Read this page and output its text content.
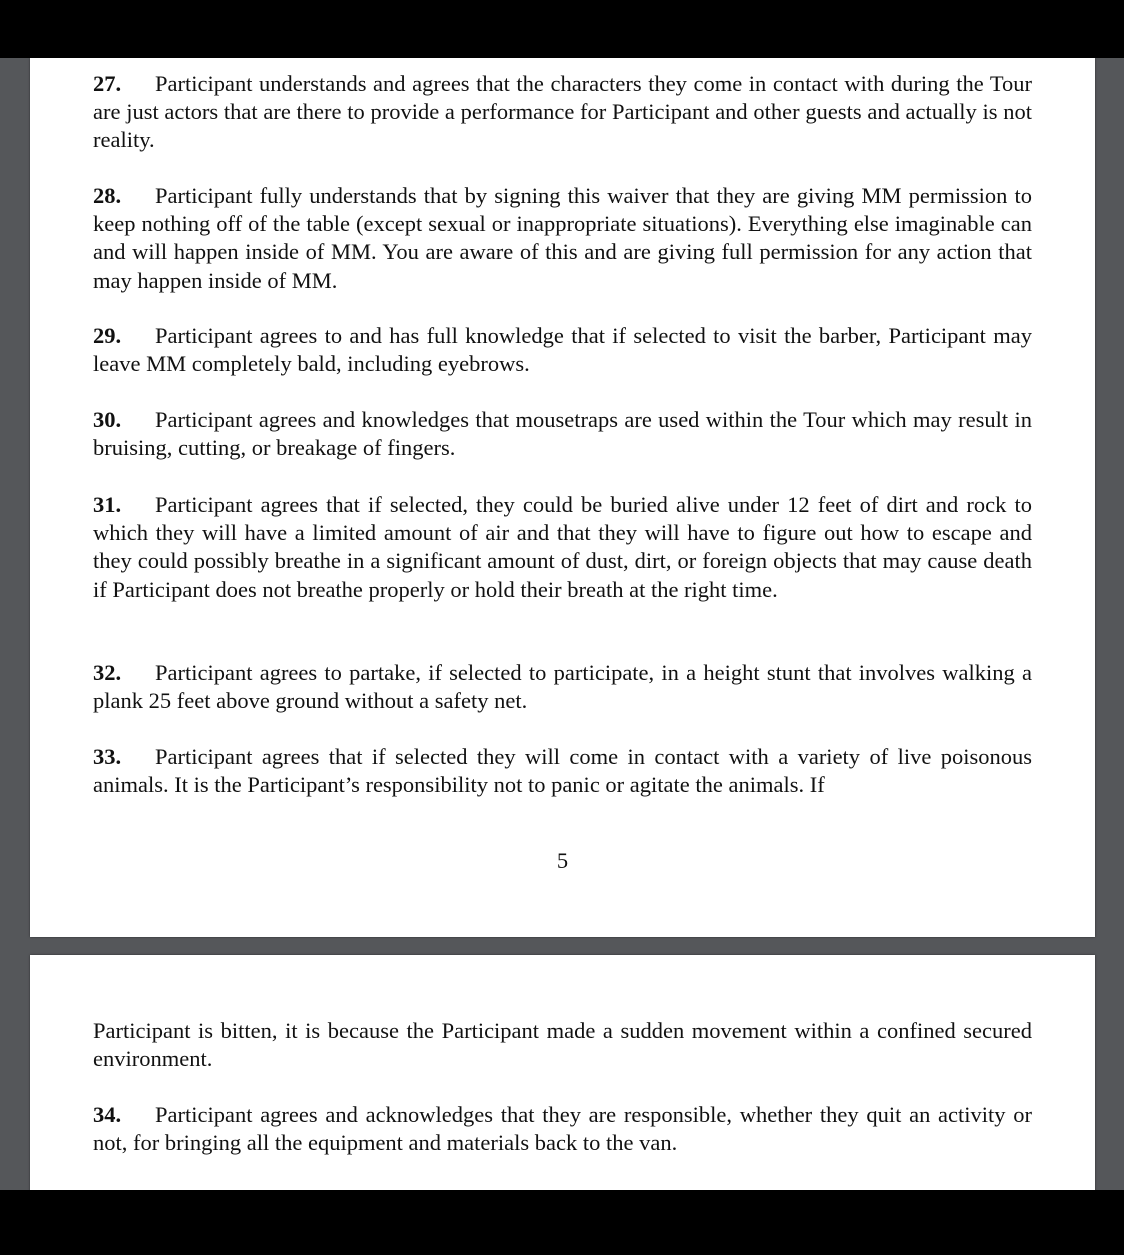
27. Participant understands and agrees that the characters they come in contact with during the Tour are just actors that are there to provide a performance for Participant and other guests and actually is not reality.

28. Participant fully understands that by signing this waiver that they are giving MM permission to keep nothing off of the table (except sexual or inappropriate situations). Everything else imaginable can and will happen inside of MM. You are aware of this and are giving full permission for any action that may happen inside of MM.

29. Participant agrees to and has full knowledge that if selected to visit the barber, Participant may leave MM completely bald, including eyebrows.

30. Participant agrees and knowledges that mousetraps are used within the Tour which may result in bruising, cutting, or breakage of fingers.

31. Participant agrees that if selected, they could be buried alive under 12 feet of dirt and rock to which they will have a limited amount of air and that they will have to figure out how to escape and they could possibly breathe in a significant amount of dust, dirt, or foreign objects that may cause death if Participant does not breathe properly or hold their breath at the right time.

32. Participant agrees to partake, if selected to participate, in a height stunt that involves walking a plank 25 feet above ground without a safety net.

33. Participant agrees that if selected they will come in contact with a variety of live poisonous animals. It is the Participant’s responsibility not to panic or agitate the animals. If

5

Participant is bitten, it is because the Participant made a sudden movement within a confined secured environment.

34. Participant agrees and acknowledges that they are responsible, whether they quit an activity or not, for bringing all the equipment and materials back to the van.
